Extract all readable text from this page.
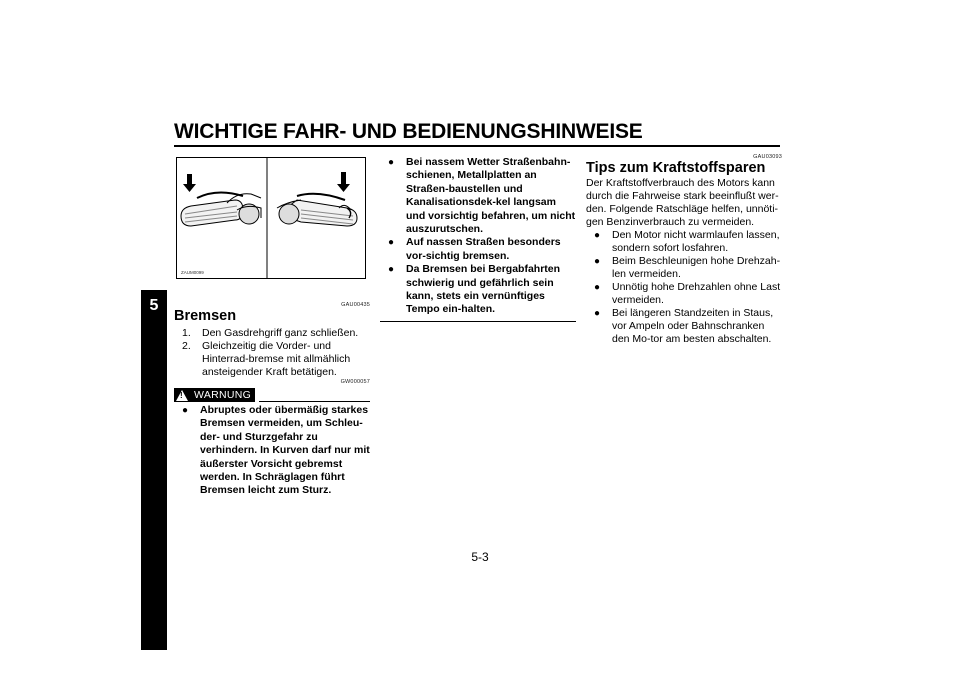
WICHTIGE FAHR- UND BEDIENUNGSHINWEISE
5
ZAUM0099
GAU00435
Bremsen
1.	Den Gasdrehgriff ganz schließen.
2.	Gleichzeitig die Vorder- und Hinterrad-bremse mit allmählich ansteigender Kraft betätigen.
GW000057
! WARNUNG
●	Abruptes oder übermäßig starkes Bremsen vermeiden, um Schleu-der- und Sturzgefahr zu verhindern. In Kurven darf nur mit äußerster Vorsicht gebremst werden. In Schräglagen führt Bremsen leicht zum Sturz.
●	Bei nassem Wetter Straßenbahn-schienen, Metallplatten an Straßen-baustellen und Kanalisationsdek-kel langsam und vorsichtig befahren, um nicht auszurutschen.
●	Auf nassen Straßen besonders vor-sichtig bremsen.
●	Da Bremsen bei Bergabfahrten schwierig und gefährlich sein kann, stets ein vernünftiges Tempo ein-halten.
GAU03093
Tips zum Kraftstoffsparen

Der Kraftstoffverbrauch des Motors kann durch die Fahrweise stark beeinflußt wer-den. Folgende Ratschläge helfen, unnöti-gen Benzinverbrauch zu vermeiden.

●	Den Motor nicht warmlaufen lassen, sondern sofort losfahren.
●	Beim Beschleunigen hohe Drehzah-len vermeiden.
●	Unnötig hohe Drehzahlen ohne Last vermeiden.
●	Bei längeren Standzeiten in Staus, vor Ampeln oder Bahnschranken den Mo-tor am besten abschalten.
5-3
